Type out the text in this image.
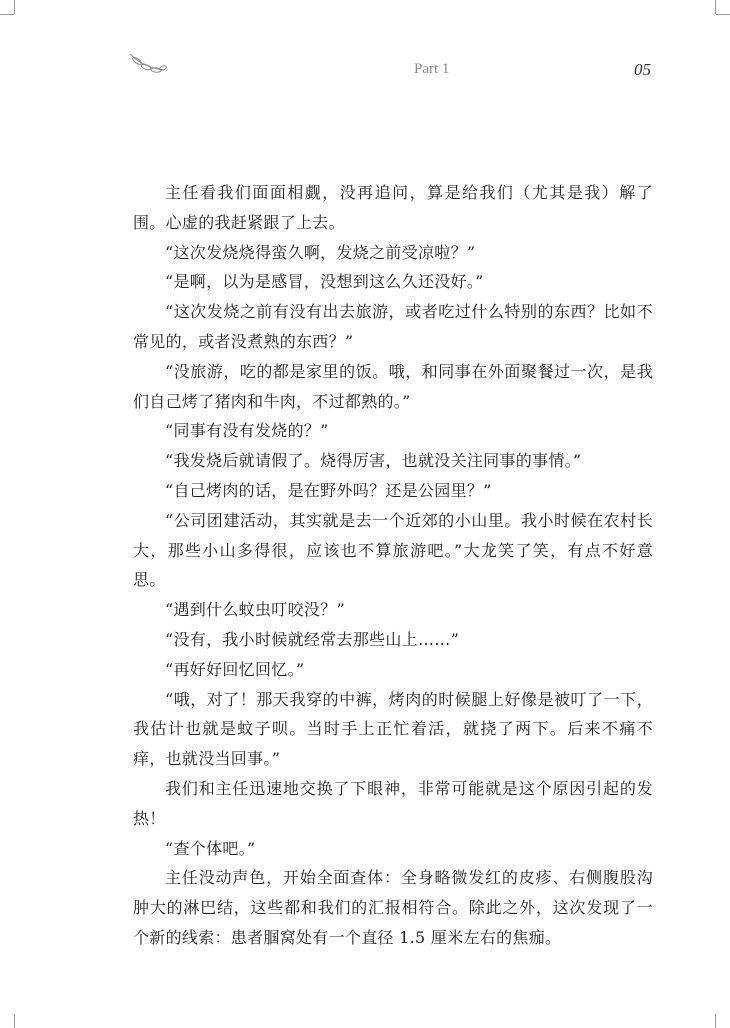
Part 1	05

主任看我们面面相觑，没再追问，算是给我们（尤其是我）解了围。心虚的我赶紧跟了上去。

“这次发烧烧得蛮久啊，发烧之前受凉啦？”

“是啊，以为是感冒，没想到这么久还没好。”

“这次发烧之前有没有出去旅游，或者吃过什么特别的东西？比如不常见的，或者没煮熟的东西？”

“没旅游，吃的都是家里的饭。哦，和同事在外面聚餐过一次，是我们自己烤了猪肉和牛肉，不过都熟的。”

“同事有没有发烧的？”

“我发烧后就请假了。烧得厉害，也就没关注同事的事情。”

“自己烤肉的话，是在野外吗？还是公园里？”

“公司团建活动，其实就是去一个近郊的小山里。我小时候在农村长大，那些小山多得很，应该也不算旅游吧。”大龙笑了笑，有点不好意思。

“遇到什么蚊虫叮咬没？”

“没有，我小时候就经常去那些山上……”

“再好好回忆回忆。”

“哦，对了！那天我穿的中裤，烤肉的时候腿上好像是被叮了一下，我估计也就是蚊子呗。当时手上正忙着活，就挠了两下。后来不痛不痒，也就没当回事。”

我们和主任迅速地交换了下眼神，非常可能就是这个原因引起的发热！

“查个体吧。”

主任没动声色，开始全面查体：全身略微发红的皮疹、右侧腹股沟肿大的淋巴结，这些都和我们的汇报相符合。除此之外，这次发现了一个新的线索：患者腘窝处有一个直径 1.5 厘米左右的焦痂。
